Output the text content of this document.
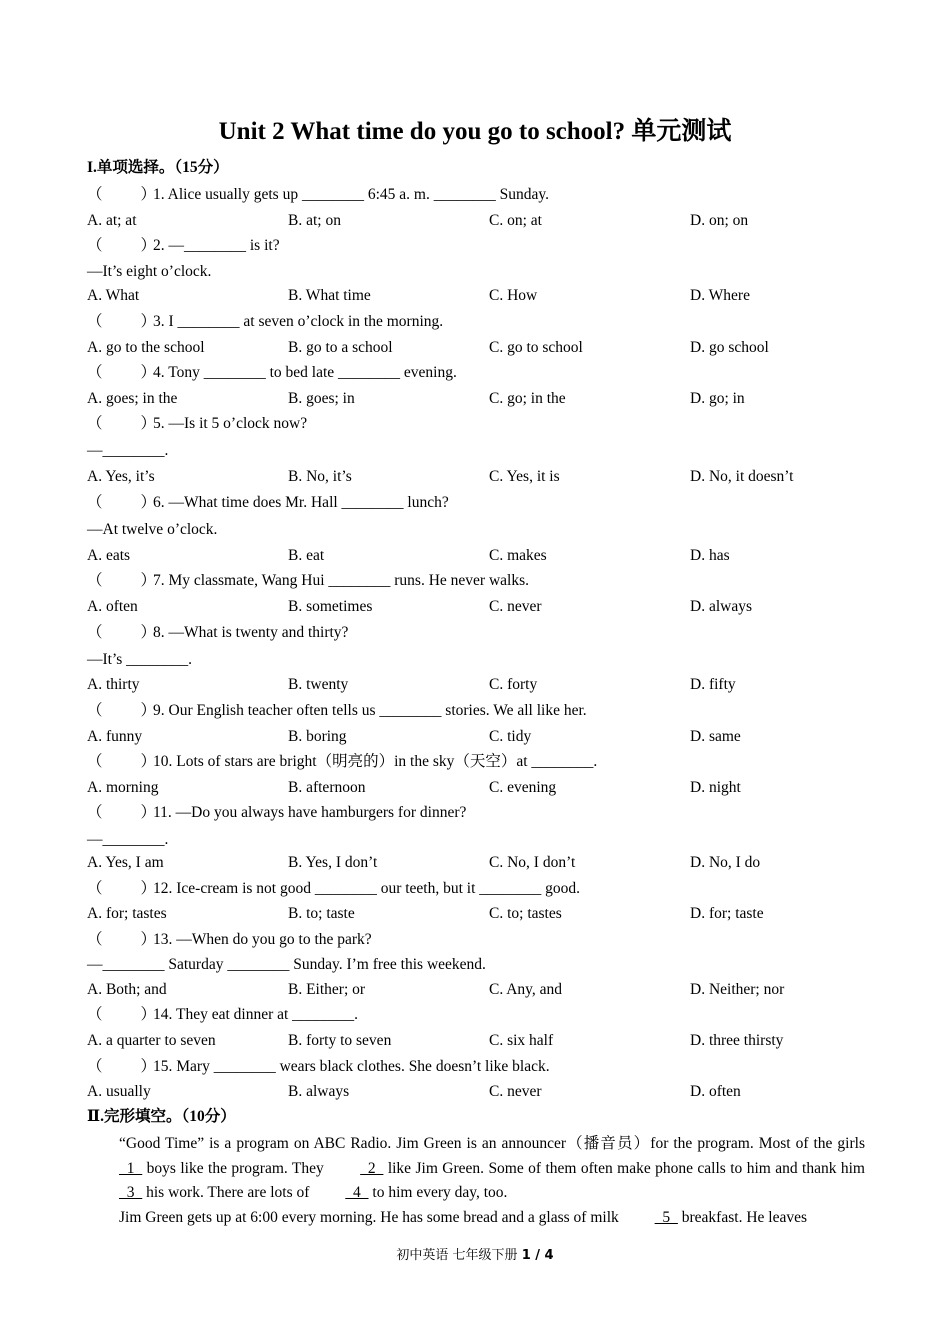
Unit 2 What time do you go to school? 单元测试
I.单项选择。（15分）
（ ）1. Alice usually gets up ________ 6:45 a. m. ________ Sunday.
A. at; at	B. at; on	C. on; at	D. on; on
（ ）2. —________ is it?
—It’s eight o’clock.
A. What	B. What time	C. How	D. Where
（ ）3. I ________ at seven o’clock in the morning.
A. go to the school	B. go to a school	C. go to school	D. go school
（ ）4. Tony ________ to bed late ________ evening.
A. goes; in the	B. goes; in	C. go; in the	D. go; in
（ ）5. —Is it 5 o’clock now?
—________.
A. Yes, it’s	B. No, it’s	C. Yes, it is	D. No, it doesn’t
（ ）6. —What time does Mr. Hall ________ lunch?
—At twelve o’clock.
A. eats	B. eat	C. makes	D. has
（ ）7. My classmate, Wang Hui ________ runs. He never walks.
A. often	B. sometimes	C. never	D. always
（ ）8. —What is twenty and thirty?
—It’s ________.
A. thirty	B. twenty	C. forty	D. fifty
（ ）9. Our English teacher often tells us ________ stories. We all like her.
A. funny	B. boring	C. tidy	D. same
（ ）10. Lots of stars are bright（明亮的）in the sky（天空）at ________.
A. morning	B. afternoon	C. evening	D. night
（ ）11. —Do you always have hamburgers for dinner?
—________.
A. Yes, I am	B. Yes, I don’t	C. No, I don’t	D. No, I do
（ ）12. Ice-cream is not good ________ our teeth, but it ________ good.
A. for; tastes	B. to; taste	C. to; tastes	D. for; taste
（ ）13. —When do you go to the park?
—________ Saturday ________ Sunday. I’m free this weekend.
A. Both; and	B. Either; or	C. Any, and	D. Neither; nor
（ ）14. They eat dinner at ________.
A. a quarter to seven	B. forty to seven	C. six half	D. three thirsty
（ ）15. Mary ________ wears black clothes. She doesn’t like black.
A. usually	B. always	C. never	D. often
Ⅱ.完形填空。（10分）
“Good Time” is a program on ABC Radio. Jim Green is an announcer（播音员）for the program. Most of the girls   1   boys like the program. They   2   like Jim Green. Some of them often make phone calls to him and thank him   3   his work. There are lots of   4   to him every day, too.
Jim Green gets up at 6:00 every morning. He has some bread and a glass of milk   5   breakfast. He leaves
初中英语 七年级下册 1 / 4
